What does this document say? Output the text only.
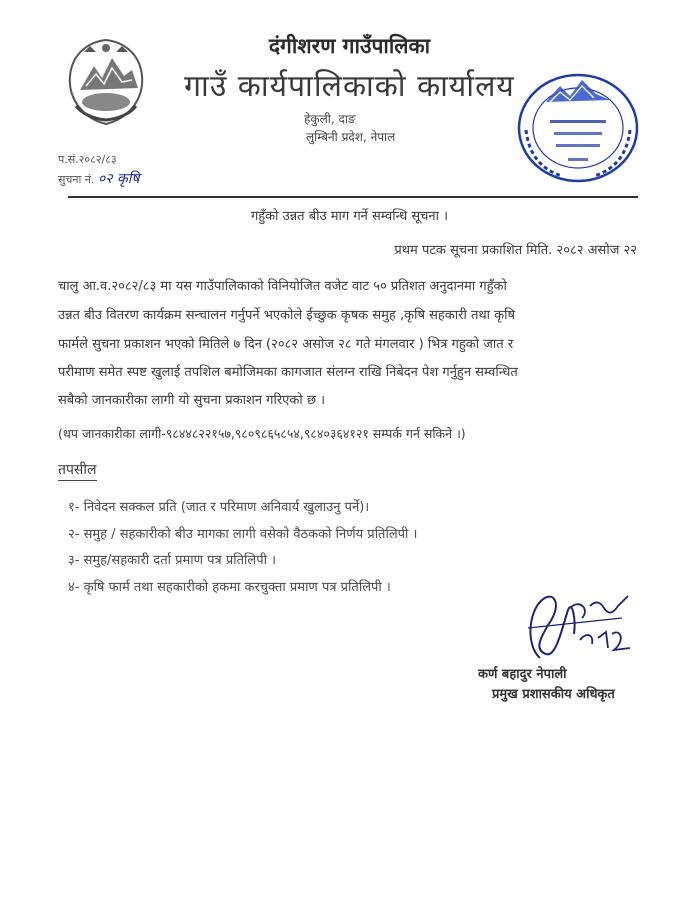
दंगीशरण गाउँपालिका
गाउँ कार्यपालिकाको कार्यालय
हेकुली, दाङ
लुम्बिनी प्रदेश, नेपाल
प.सं.२०८२/८३
सुचना नं. ०२ कृषि
गहुँको उन्नत बीउ माग गर्ने सम्वन्धि सूचना ।
प्रथम पटक सूचना प्रकाशित मिति. २०८२ असोज २२
चालु आ.व.२०८२/८३ मा यस गाउँपालिकाको विनियोजित वजेट वाट ५० प्रतिशत अनुदानमा गहुँको
उन्नत बीउ वितरण कार्यक्रम सन्चालन गर्नुपर्ने भएकोले ईच्छुक कृषक समुह ,कृषि सहकारी तथा कृषि
फार्मले सुचना प्रकाशन भएको मितिले ७ दिन (२०८२ असोज २८ गते मंगलवार ) भित्र गहुको जात र
परीमाण समेत स्पष्ट खुलाई तपशिल बमोजिमका कागजात संलग्न राखि निबेदन पेश गर्नुहुन सम्वन्धित
सबैको जानकारीका लागी यो सुचना प्रकाशन गरिएको छ ।
(थप जानकारीका लागी-९८४४८२२१५७,९८०९८६५८५४,९८४०३६४१२१ सम्पर्क गर्न सकिने ।)
तपसील
१- निवेदन सक्कल प्रति (जात र परिमाण अनिवार्य खुलाउनु पर्ने)।
२- समुह / सहकारीको बीउ मागका लागी वसेको वैठकको निर्णय प्रतिलिपी ।
३- समुह/सहकारी दर्ता प्रमाण पत्र प्रतिलिपी ।
४- कृषि फार्म तथा सहकारीको हकमा करचुक्ता प्रमाण पत्र प्रतिलिपी ।
कर्ण बहादुर नेपाली
प्रमुख प्रशासकीय अधिकृत
